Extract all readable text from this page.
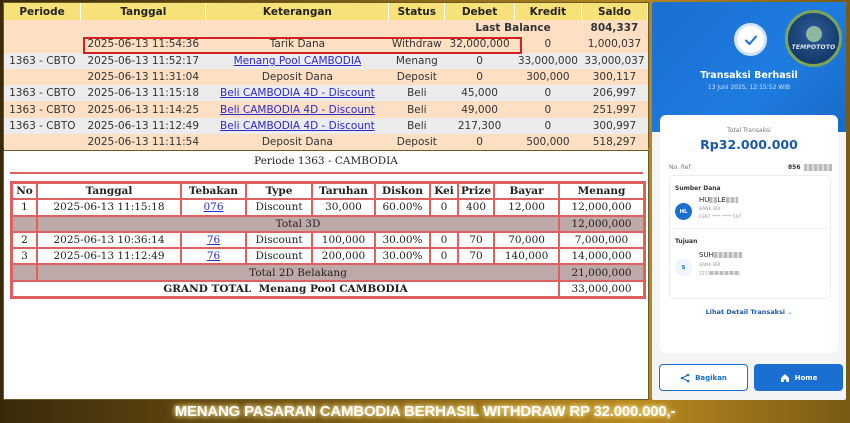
Periode	Tanggal	Keterangan	Status	Debet	Kredit	Saldo
				Last Balance		804,337
	2025-06-13 11:54:36	Tarik Dana	Withdraw	32,000,000	0	1,000,037
1363 - CBTO	2025-06-13 11:52:17	Menang Pool CAMBODIA	Menang	0	33,000,000	33,000,037
	2025-06-13 11:31:04	Deposit Dana	Deposit	0	300,000	300,117
1363 - CBTO	2025-06-13 11:15:18	Beli CAMBODIA 4D - Discount	Beli	45,000	0	206,997
1363 - CBTO	2025-06-13 11:14:25	Beli CAMBODIA 4D - Discount	Beli	49,000	0	251,997
1363 - CBTO	2025-06-13 11:12:49	Beli CAMBODIA 4D - Discount	Beli	217,300	0	300,997
	2025-06-13 11:11:54	Deposit Dana	Deposit	0	500,000	518,297
Periode 1363 - CAMBODIA
No	Tanggal	Tebakan	Type	Taruhan	Diskon	Kei	Prize	Bayar	Menang
1	2025-06-13 11:15:18	076	Discount	30,000	60.00%	0	400	12,000	12,000,000
	Total 3D								12,000,000
2	2025-06-13 10:36:14	76	Discount	100,000	30.00%	0	70	70,000	7,000,000
3	2025-06-13 11:12:49	76	Discount	200,000	30.00%	0	70	140,000	14,000,000
	Total 2D Belakang								21,000,000
GRAND TOTAL  Menang Pool CAMBODIA									33,000,000
TEMPOTOTO
Transaksi Berhasil
13 Juni 2025, 12:15:52 WIB
Total Transaksi
Rp32.000.000
No. Ref	856
Sumber Dana
HL
HU LE
BANK BRI
0367 **** **** 507
Tujuan
S
SUH
BANK BRI
2213
Lihat Detail Transaksi ⌄
Bagikan	Home
MENANG PASARAN CAMBODIA BERHASIL WITHDRAW RP 32.000.000,-
